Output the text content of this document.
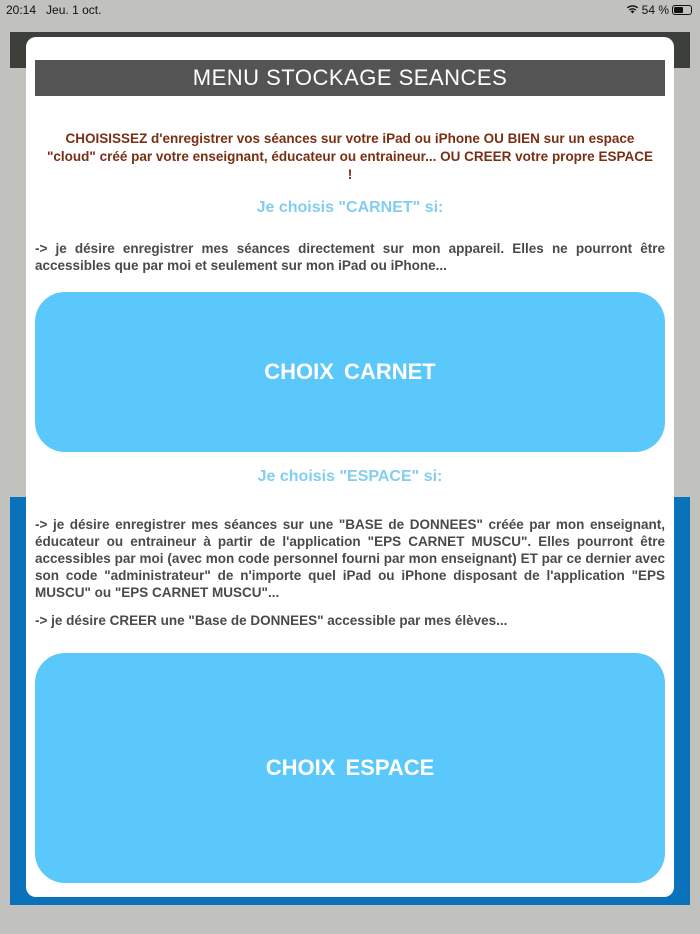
20:14 Jeu. 1 oct.	54 %
MENU STOCKAGE SEANCES
CHOISISSEZ d'enregistrer vos séances sur votre iPad ou iPhone OU BIEN sur un espace "cloud" créé par votre enseignant, éducateur ou entraineur... OU CREER votre propre ESPACE !
Je choisis "CARNET" si:
-> je désire enregistrer mes séances directement sur mon appareil. Elles ne pourront être accessibles que par moi et seulement sur mon iPad ou iPhone...
CHOIX CARNET
Je choisis "ESPACE" si:
-> je désire enregistrer mes séances sur une "BASE de DONNEES" créée par mon enseignant, éducateur ou entraineur à partir de l'application "EPS CARNET MUSCU". Elles pourront être accessibles par moi (avec mon code personnel fourni par mon enseignant) ET par ce dernier avec son code "administrateur" de n'importe quel iPad ou iPhone disposant de l'application "EPS MUSCU" ou "EPS CARNET MUSCU"...
-> je désire CREER une "Base de DONNEES" accessible par mes élèves...
CHOIX ESPACE
